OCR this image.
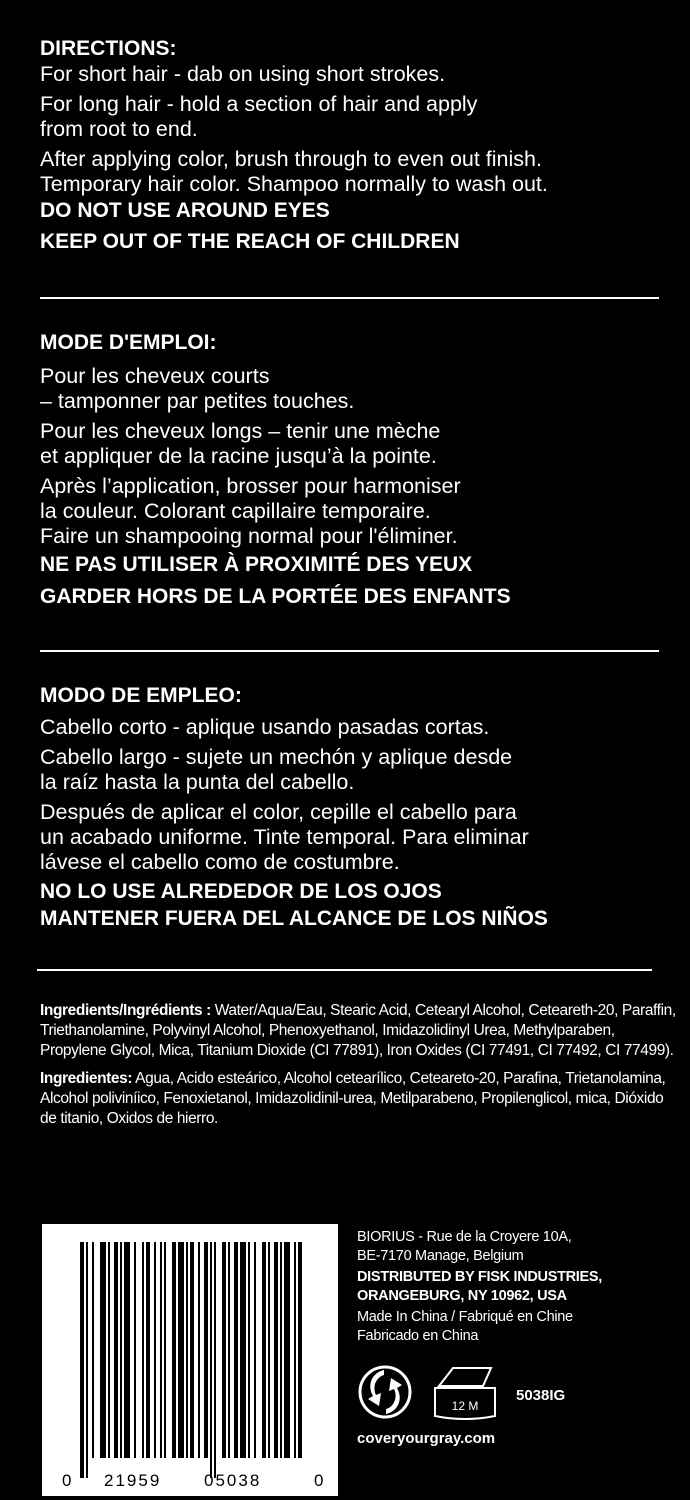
DIRECTIONS:

For short hair - dab on using short strokes.

For long hair - hold a section of hair and apply
from root to end.

After applying color, brush through to even out finish.
Temporary hair color. Shampoo normally to wash out.

DO NOT USE AROUND EYES

KEEP OUT OF THE REACH OF CHILDREN

MODE D'EMPLOI:

Pour les cheveux courts
– tamponner par petites touches.

Pour les cheveux longs – tenir une mèche
et appliquer de la racine jusqu’à la pointe.

Après l’application, brosser pour harmoniser
la couleur. Colorant capillaire temporaire.
Faire un shampooing normal pour l'éliminer.

NE PAS UTILISER À PROXIMITÉ DES YEUX

GARDER HORS DE LA PORTÉE DES ENFANTS

MODO DE EMPLEO:

Cabello corto - aplique usando pasadas cortas.

Cabello largo - sujete un mechón y aplique desde
la raíz hasta la punta del cabello.

Después de aplicar el color, cepille el cabello para
un acabado uniforme. Tinte temporal. Para eliminar
lávese el cabello como de costumbre.

NO LO USE ALREDEDOR DE LOS OJOS

MANTENER FUERA DEL ALCANCE DE LOS NIÑOS

Ingredients/Ingrédients : Water/Aqua/Eau, Stearic Acid, Cetearyl Alcohol, Ceteareth-20, Paraffin, Triethanolamine, Polyvinyl Alcohol, Phenoxyethanol, Imidazolidinyl Urea, Methylparaben, Propylene Glycol, Mica, Titanium Dioxide (CI 77891), Iron Oxides (CI 77491, CI 77492, CI 77499).

Ingredientes: Agua, Acido esteárico, Alcohol cetearílico, Ceteareto-20, Parafina, Trietanolamina, Alcohol poliviníico, Fenoxietanol, Imidazolidinil-urea, Metilparabeno, Propilenglicol, mica, Dióxido de titanio, Oxidos de hierro.

0 21959	05038	0

BIORIUS - Rue de la Croyere 10A,
BE-7170 Manage, Belgium

DISTRIBUTED BY FISK INDUSTRIES,
ORANGEBURG, NY 10962, USA

Made In China / Fabriqué en Chine
Fabricado en China

12 M
5038IG
coveryourgray.com
